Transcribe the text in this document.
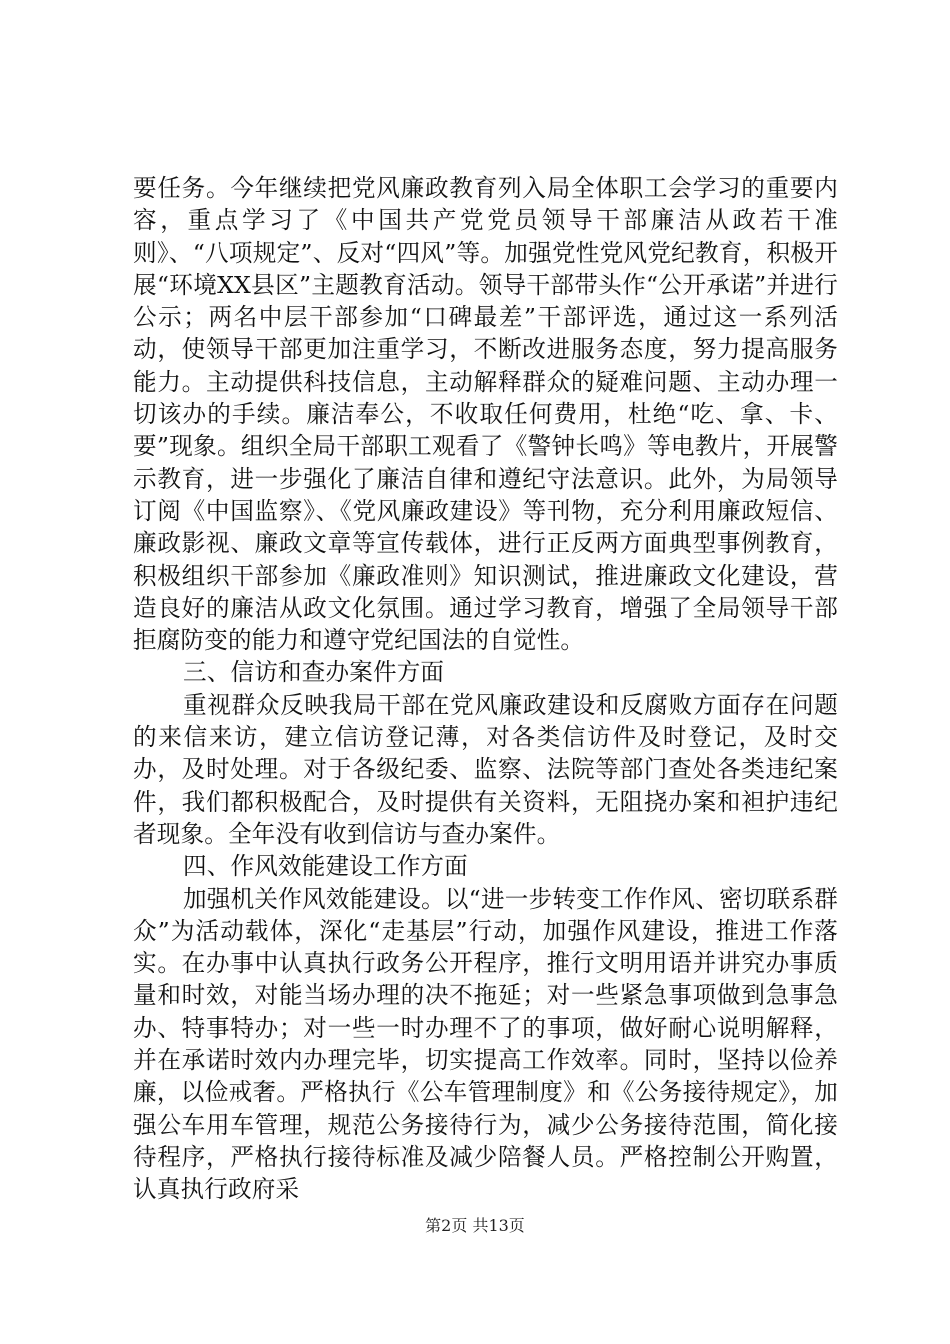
要任务。今年继续把党风廉政教育列入局全体职工会学习的重要内容，重点学习了《中国共产党党员领导干部廉洁从政若干准则》、“八项规定”、反对“四风”等。加强党性党风党纪教育，积极开展“环境XX县区”主题教育活动。领导干部带头作“公开承诺”并进行公示；两名中层干部参加“口碑最差”干部评选，通过这一系列活动，使领导干部更加注重学习，不断改进服务态度，努力提高服务能力。主动提供科技信息，主动解释群众的疑难问题、主动办理一切该办的手续。廉洁奉公，不收取任何费用，杜绝“吃、拿、卡、要”现象。组织全局干部职工观看了《警钟长鸣》等电教片，开展警示教育，进一步强化了廉洁自律和遵纪守法意识。此外，为局领导订阅《中国监察》、《党风廉政建设》等刊物，充分利用廉政短信、廉政影视、廉政文章等宣传载体，进行正反两方面典型事例教育，积极组织干部参加《廉政准则》知识测试，推进廉政文化建设，营造良好的廉洁从政文化氛围。通过学习教育，增强了全局领导干部拒腐防变的能力和遵守党纪国法的自觉性。

三、信访和查办案件方面

重视群众反映我局干部在党风廉政建设和反腐败方面存在问题的来信来访，建立信访登记薄，对各类信访件及时登记，及时交办，及时处理。对于各级纪委、监察、法院等部门查处各类违纪案件，我们都积极配合，及时提供有关资料，无阻挠办案和袒护违纪者现象。全年没有收到信访与查办案件。

四、作风效能建设工作方面

加强机关作风效能建设。以“进一步转变工作作风、密切联系群众”为活动载体，深化“走基层”行动，加强作风建设，推进工作落实。在办事中认真执行政务公开程序，推行文明用语并讲究办事质量和时效，对能当场办理的决不拖延；对一些紧急事项做到急事急办、特事特办；对一些一时办理不了的事项，做好耐心说明解释，并在承诺时效内办理完毕，切实提高工作效率。同时，坚持以俭养廉，以俭戒奢。严格执行《公车管理制度》和《公务接待规定》，加强公车用车管理，规范公务接待行为，减少公务接待范围，简化接待程序，严格执行接待标准及减少陪餐人员。严格控制公开购置，认真执行政府采

第2页 共13页
